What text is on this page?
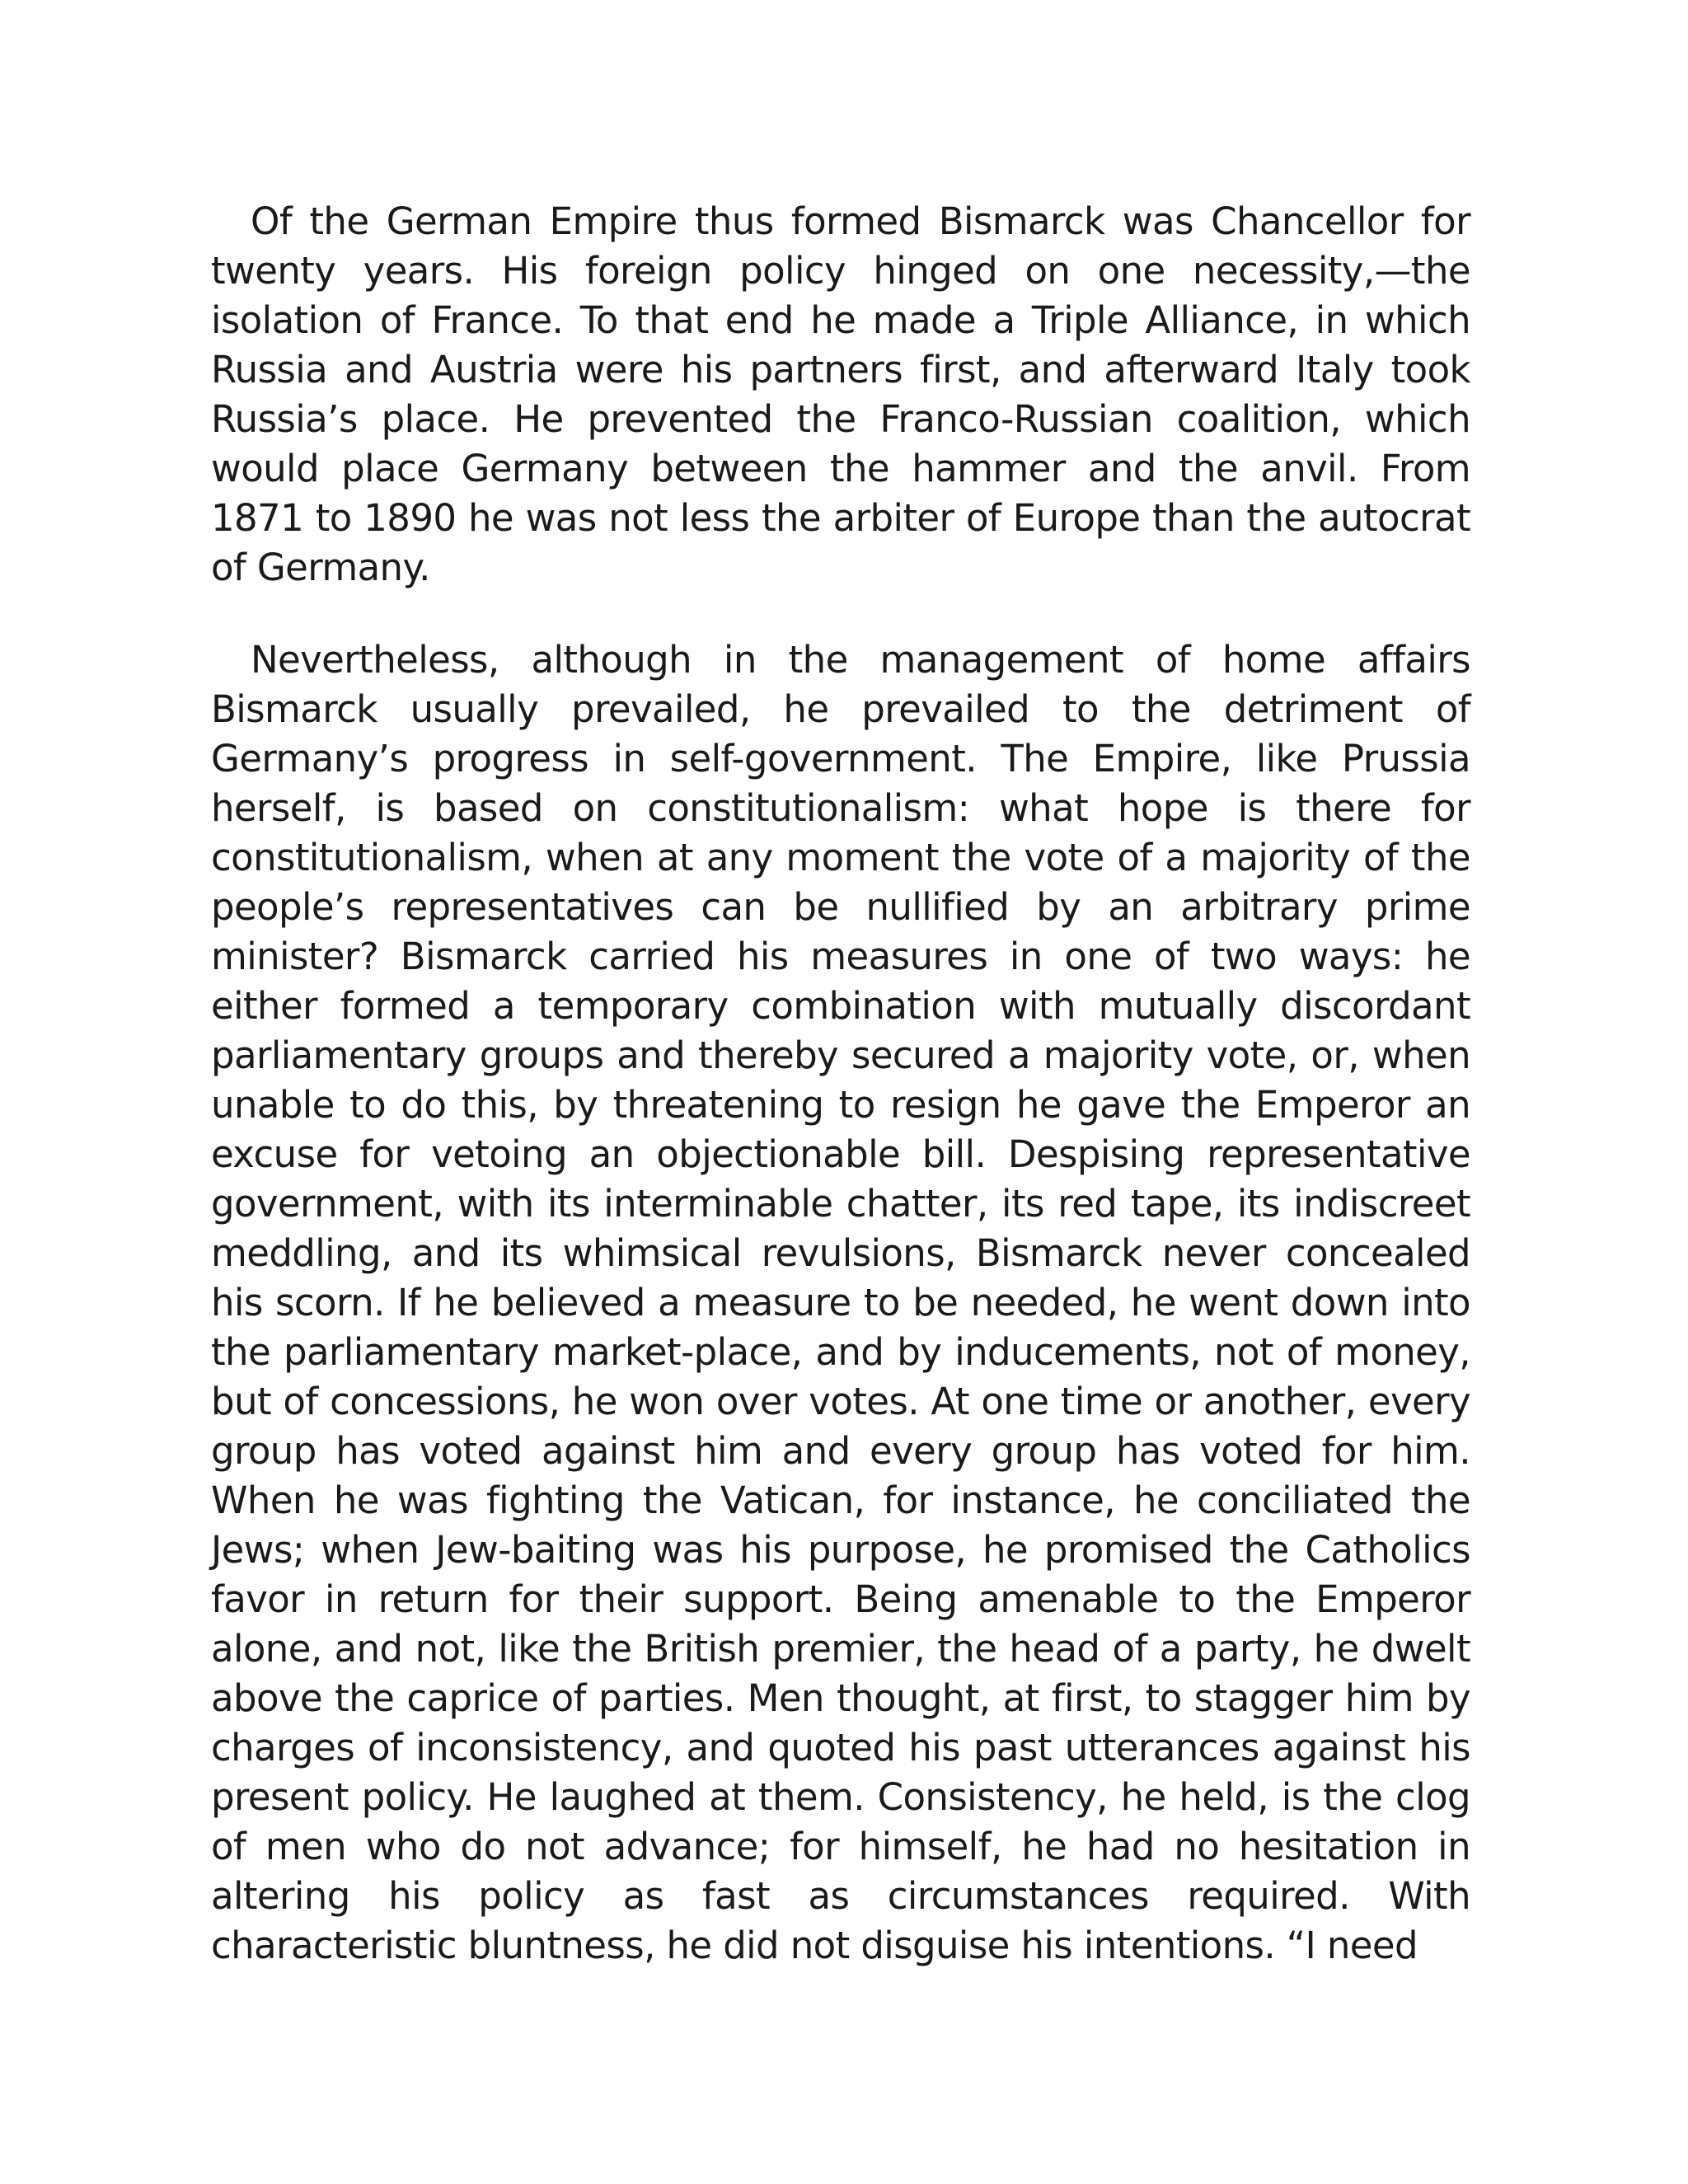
Of the German Empire thus formed Bismarck was Chancellor for twenty years. His foreign policy hinged on one necessity,—the isolation of France. To that end he made a Triple Alliance, in which Russia and Austria were his partners first, and afterward Italy took Russia’s place. He prevented the Franco-Russian coalition, which would place Germany between the hammer and the anvil. From 1871 to 1890 he was not less the arbiter of Europe than the autocrat of Germany.

Nevertheless, although in the management of home affairs Bismarck usually prevailed, he prevailed to the detriment of Germany’s progress in self-government. The Empire, like Prussia herself, is based on constitutionalism: what hope is there for constitutionalism, when at any moment the vote of a majority of the people’s representatives can be nullified by an arbitrary prime minister? Bismarck carried his measures in one of two ways: he either formed a temporary combination with mutually discordant parliamentary groups and thereby secured a majority vote, or, when unable to do this, by threatening to resign he gave the Emperor an excuse for vetoing an objectionable bill. Despising representative government, with its interminable chatter, its red tape, its indiscreet meddling, and its whimsical revulsions, Bismarck never concealed his scorn. If he believed a measure to be needed, he went down into the parliamentary market-place, and by inducements, not of money, but of concessions, he won over votes. At one time or another, every group has voted against him and every group has voted for him. When he was fighting the Vatican, for instance, he conciliated the Jews; when Jew-baiting was his purpose, he promised the Catholics favor in return for their support. Being amenable to the Emperor alone, and not, like the British premier, the head of a party, he dwelt above the caprice of parties. Men thought, at first, to stagger him by charges of inconsistency, and quoted his past utterances against his present policy. He laughed at them. Consistency, he held, is the clog of men who do not advance; for himself, he had no hesitation in altering his policy as fast as circumstances required. With characteristic bluntness, he did not disguise his intentions. “I need
